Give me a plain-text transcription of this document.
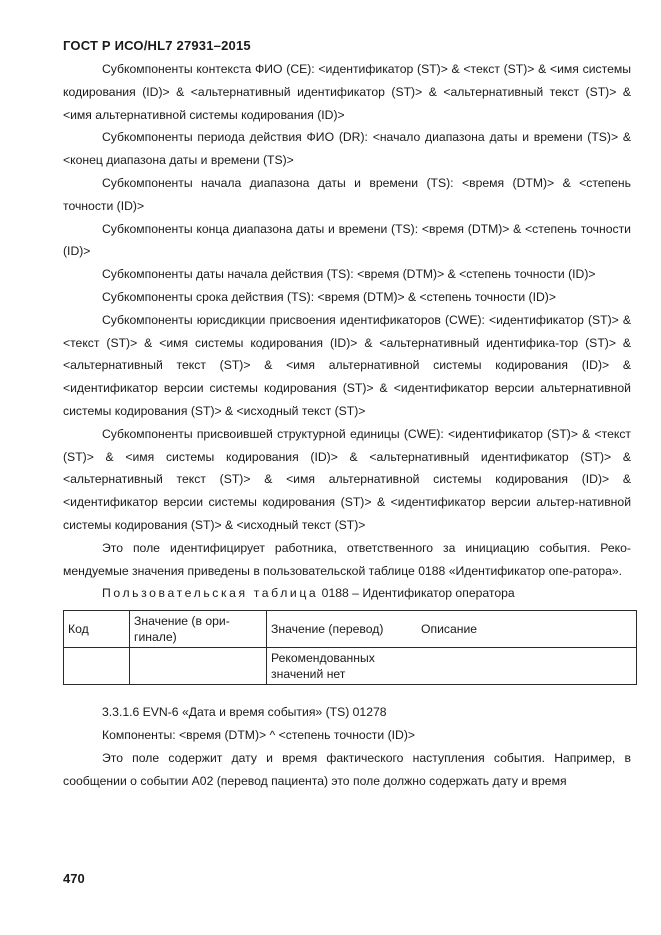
ГОСТ Р ИСО/HL7 27931–2015

Субкомпоненты контекста ФИО (CE): <идентификатор (ST)> & <текст (ST)> & <имя системы кодирования (ID)> & <альтернативный идентификатор (ST)> & <альтернативный текст (ST)> & <имя альтернативной системы кодирования (ID)>

Субкомпоненты периода действия ФИО (DR): <начало диапазона даты и времени (TS)> & <конец диапазона даты и времени (TS)>

Субкомпоненты начала диапазона даты и времени (TS): <время (DTM)> & <степень точности (ID)>

Субкомпоненты конца диапазона даты и времени (TS): <время (DTM)> & <степень точности (ID)>

Субкомпоненты даты начала действия (TS): <время (DTM)> & <степень точности (ID)>

Субкомпоненты срока действия (TS): <время (DTM)> & <степень точности (ID)>

Субкомпоненты юрисдикции присвоения идентификаторов (CWE): <идентификатор (ST)> & <текст (ST)> & <имя системы кодирования (ID)> & <альтернативный идентифика-тор (ST)> & <альтернативный текст (ST)> & <имя альтернативной системы кодирования (ID)> & <идентификатор версии системы кодирования (ST)> & <идентификатор версии альтернативной системы кодирования (ST)> & <исходный текст (ST)>

Субкомпоненты присвоившей структурной единицы (CWE): <идентификатор (ST)> & <текст (ST)> & <имя системы кодирования (ID)> & <альтернативный идентификатор (ST)> & <альтернативный текст (ST)> & <имя альтернативной системы кодирования (ID)> & <идентификатор версии системы кодирования (ST)> & <идентификатор версии альтер-нативной системы кодирования (ST)> & <исходный текст (ST)>

Это поле идентифицирует работника, ответственного за инициацию события. Реко-мендуемые значения приведены в пользовательской таблице 0188 «Идентификатор опе-ратора».

Пользовательская таблица 0188 – Идентификатор оператора

Код	Значение (в ори-гинале)	Значение (перевод)	Описание
		Рекомендованных значений нет	

3.3.1.6 EVN-6 «Дата и время события» (TS) 01278

Компоненты: <время (DTM)> ^ <степень точности (ID)>

Это поле содержит дату и время фактического наступления события. Например, в сообщении о событии A02 (перевод пациента) это поле должно содержать дату и время

470
